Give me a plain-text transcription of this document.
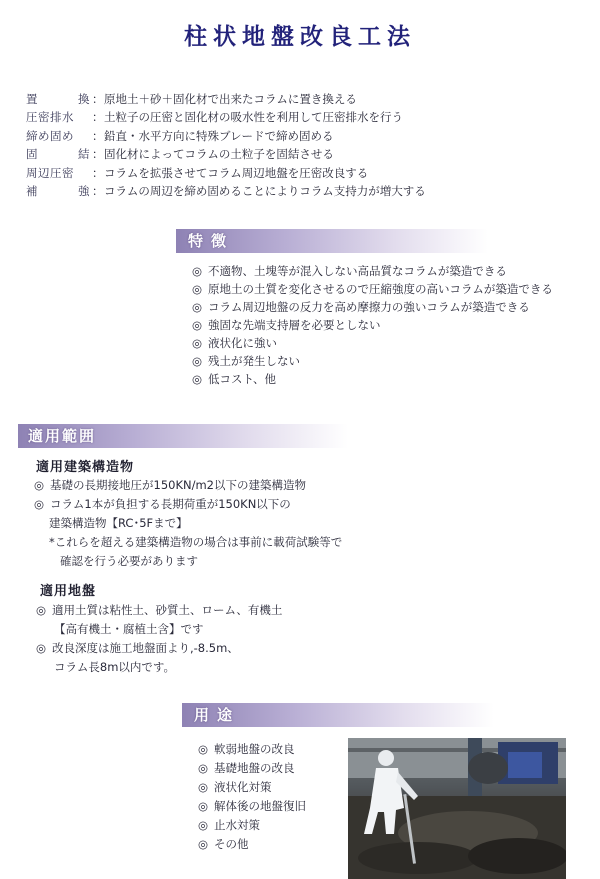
柱状地盤改良工法
置	換 ： 原地土＋砂＋固化材で出来たコラムに置き換える
圧密排水	： 土粒子の圧密と固化材の吸水性を利用して圧密排水を行う
締め固め	： 鉛直・水平方向に特殊ブレードで締め固める
固	結 ： 固化材によってコラムの土粒子を固結させる
周辺圧密	： コラムを拡張させてコラム周辺地盤を圧密改良する
補	強 ： コラムの周辺を締め固めることによりコラム支持力が増大する
特徴
◎ 不適物、土塊等が混入しない高品質なコラムが築造できる
◎ 原地土の土質を変化させるので圧縮強度の高いコラムが築造できる
◎ コラム周辺地盤の反力を高め摩擦力の強いコラムが築造できる
◎ 強固な先端支持層を必要としない
◎ 液状化に強い
◎ 残土が発生しない
◎ 低コスト、他
適用範囲
適用建築構造物
◎ 基礎の長期接地圧が150KN/m2以下の建築構造物
◎ コラム1本が負担する長期荷重が150KN以下の
建築構造物【RC･5Fまで】
*これらを超える建築構造物の場合は事前に載荷試験等で
確認を行う必要があります
適用地盤
◎ 適用土質は粘性土、砂質土、ローム、有機土
【高有機土・腐植土含】です
◎ 改良深度は施工地盤面より,-8.5m、
コラム長8m以内です。
用途
◎ 軟弱地盤の改良
◎ 基礎地盤の改良
◎ 液状化対策
◎ 解体後の地盤復旧
◎ 止水対策
◎ その他
